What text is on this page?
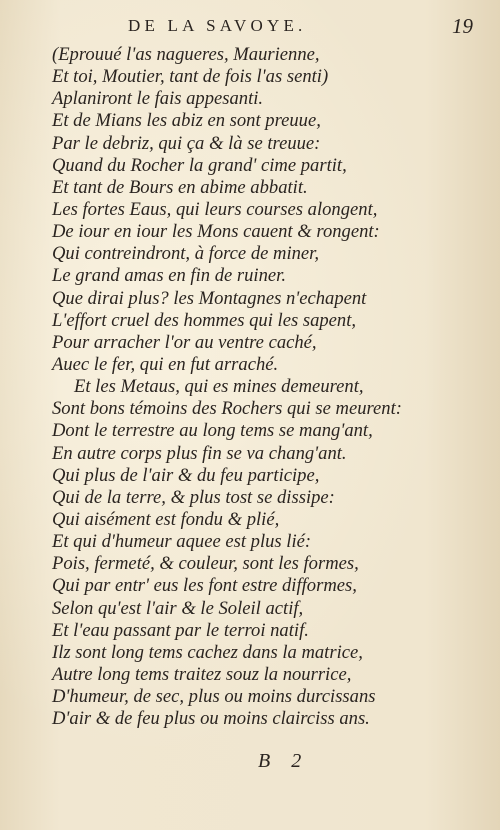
DE LA SAVOYE.	19
(Eprouué l'as nagueres, Maurienne,
Et toi, Moutier, tant de fois l'as senti)
Aplaniront le fais appesanti.
Et de Mians les abiz en sont preuue,
Par le debriz, qui ça & là se treuue:
Quand du Rocher la grand' cime partit,
Et tant de Bours en abime abbatit.
Les fortes Eaus, qui leurs courses alongent,
De iour en iour les Mons cauent & rongent:
Qui contreindront, à force de miner,
Le grand amas en fin de ruiner.
Que dirai plus? les Montagnes n'echapent
L'effort cruel des hommes qui les sapent,
Pour arracher l'or au ventre caché,
Auec le fer, qui en fut arraché.
Et les Metaus, qui es mines demeurent,
Sont bons témoins des Rochers qui se meurent:
Dont le terrestre au long tems se mang'ant,
En autre corps plus fin se va chang'ant.
Qui plus de l'air & du feu participe,
Qui de la terre, & plus tost se dissipe:
Qui aisément est fondu & plié,
Et qui d'humeur aquee est plus lié:
Pois, fermeté, & couleur, sont les formes,
Qui par entr' eus les font estre difformes,
Selon qu'est l'air & le Soleil actif,
Et l'eau passant par le terroi natif.
Ilz sont long tems cachez dans la matrice,
Autre long tems traitez souz la nourrice,
D'humeur, de sec, plus ou moins durcissans
D'air & de feu plus ou moins clairciss ans.
B 2
